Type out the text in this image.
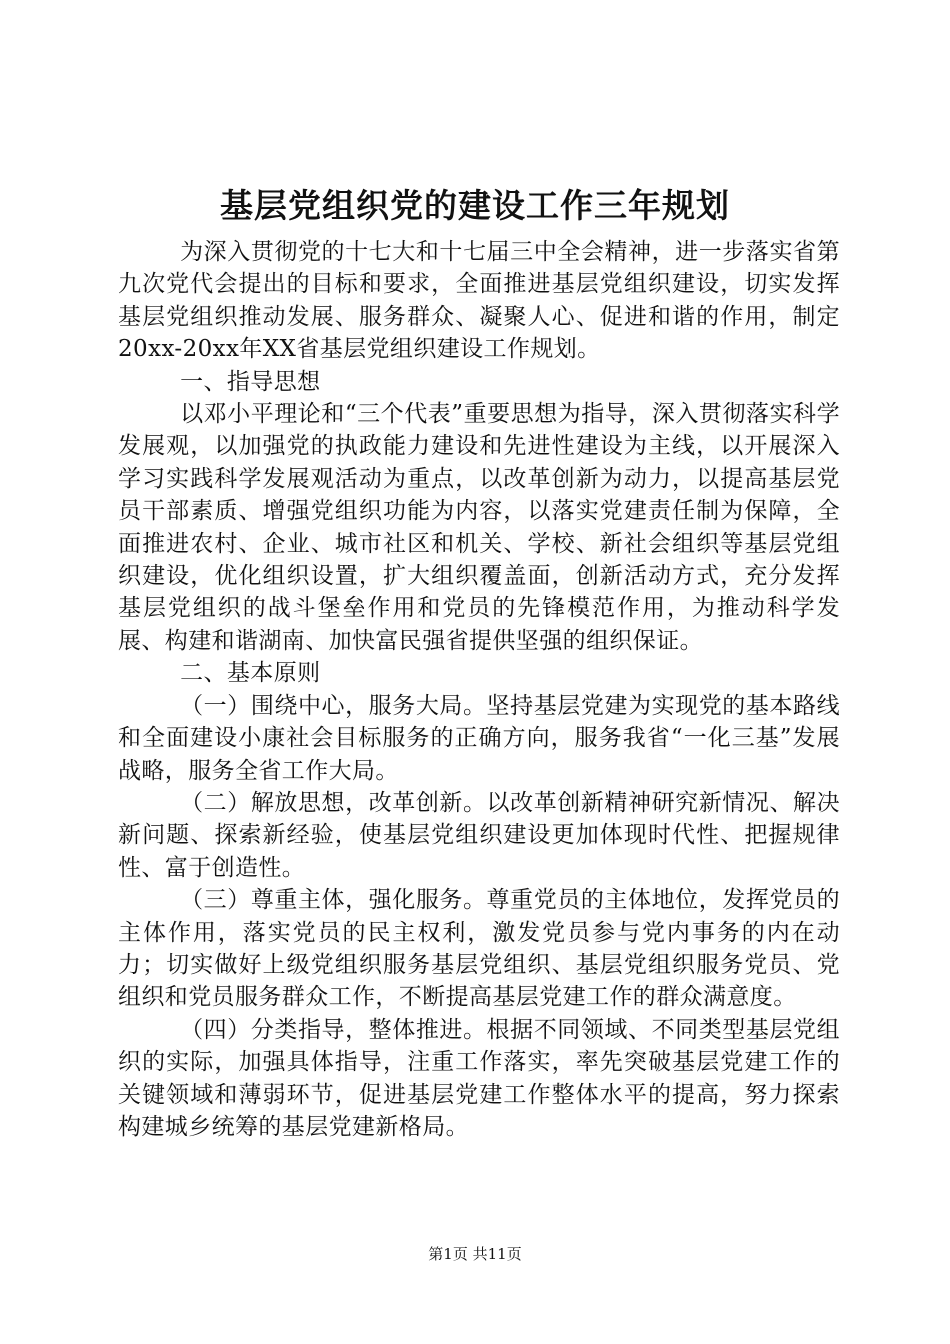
基层党组织党的建设工作三年规划

为深入贯彻党的十七大和十七届三中全会精神，进一步落实省第九次党代会提出的目标和要求，全面推进基层党组织建设，切实发挥基层党组织推动发展、服务群众、凝聚人心、促进和谐的作用，制定20xx-20xx年XX省基层党组织建设工作规划。

一、指导思想

以邓小平理论和“三个代表”重要思想为指导，深入贯彻落实科学发展观，以加强党的执政能力建设和先进性建设为主线，以开展深入学习实践科学发展观活动为重点，以改革创新为动力，以提高基层党员干部素质、增强党组织功能为内容，以落实党建责任制为保障，全面推进农村、企业、城市社区和机关、学校、新社会组织等基层党组织建设，优化组织设置，扩大组织覆盖面，创新活动方式，充分发挥基层党组织的战斗堡垒作用和党员的先锋模范作用，为推动科学发展、构建和谐湖南、加快富民强省提供坚强的组织保证。

二、基本原则

（一）围绕中心，服务大局。坚持基层党建为实现党的基本路线和全面建设小康社会目标服务的正确方向，服务我省“一化三基”发展战略，服务全省工作大局。

（二）解放思想，改革创新。以改革创新精神研究新情况、解决新问题、探索新经验，使基层党组织建设更加体现时代性、把握规律性、富于创造性。

（三）尊重主体，强化服务。尊重党员的主体地位，发挥党员的主体作用，落实党员的民主权利，激发党员参与党内事务的内在动力；切实做好上级党组织服务基层党组织、基层党组织服务党员、党组织和党员服务群众工作，不断提高基层党建工作的群众满意度。

（四）分类指导，整体推进。根据不同领域、不同类型基层党组织的实际，加强具体指导，注重工作落实，率先突破基层党建工作的关键领域和薄弱环节，促进基层党建工作整体水平的提高，努力探索构建城乡统筹的基层党建新格局。

第1页 共11页
